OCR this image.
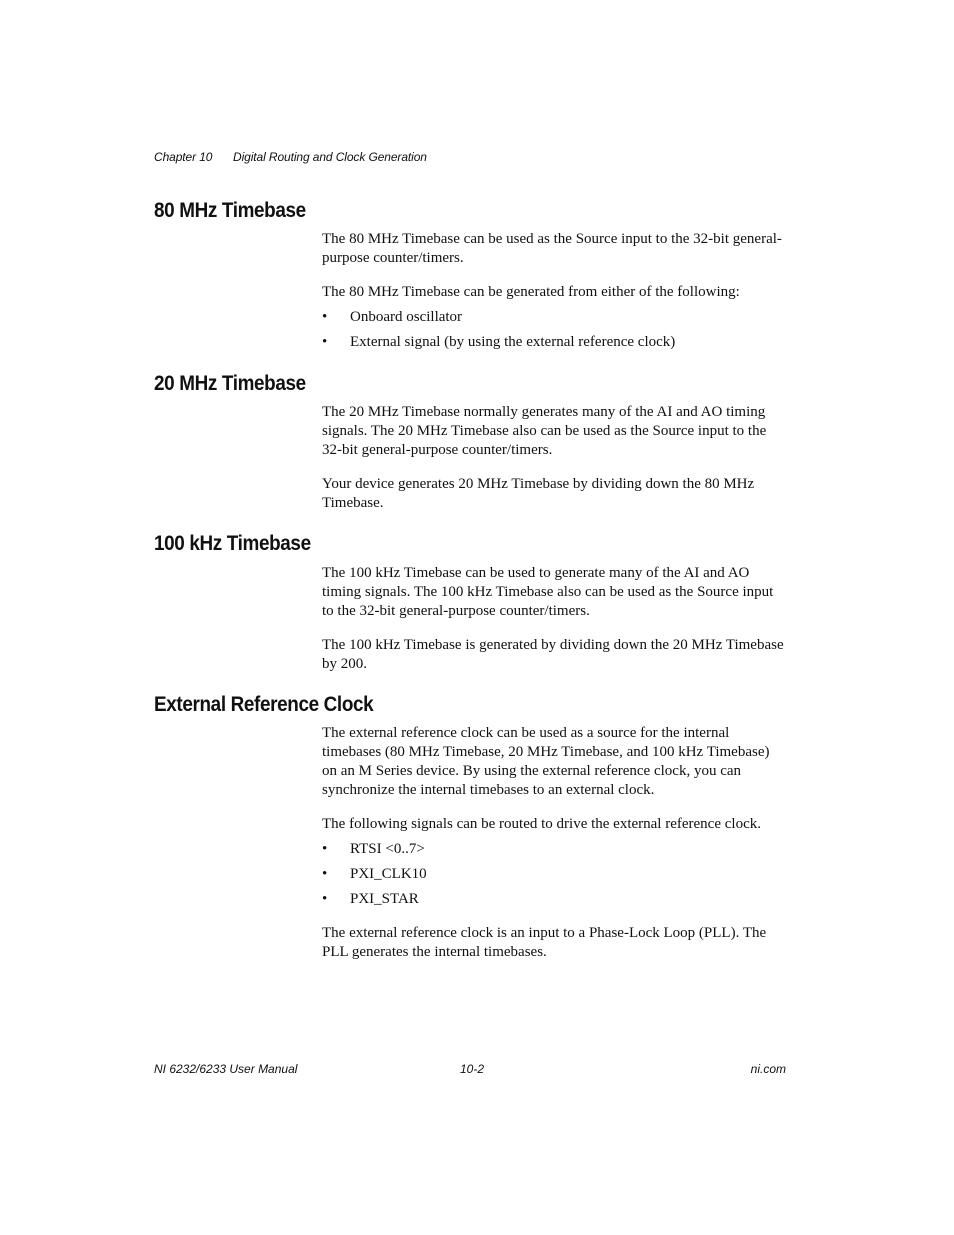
Chapter 10 Digital Routing and Clock Generation
80 MHz Timebase

The 80 MHz Timebase can be used as the Source input to the 32-bit general-purpose counter/timers.

The 80 MHz Timebase can be generated from either of the following:

• Onboard oscillator
• External signal (by using the external reference clock)
20 MHz Timebase

The 20 MHz Timebase normally generates many of the AI and AO timing signals. The 20 MHz Timebase also can be used as the Source input to the 32-bit general-purpose counter/timers.

Your device generates 20 MHz Timebase by dividing down the 80 MHz Timebase.

100 kHz Timebase

The 100 kHz Timebase can be used to generate many of the AI and AO timing signals. The 100 kHz Timebase also can be used as the Source input to the 32-bit general-purpose counter/timers.

The 100 kHz Timebase is generated by dividing down the 20 MHz Timebase by 200.

External Reference Clock

The external reference clock can be used as a source for the internal timebases (80 MHz Timebase, 20 MHz Timebase, and 100 kHz Timebase) on an M Series device. By using the external reference clock, you can synchronize the internal timebases to an external clock.

The following signals can be routed to drive the external reference clock.

• RTSI <0..7>
• PXI_CLK10
• PXI_STAR

The external reference clock is an input to a Phase-Lock Loop (PLL). The PLL generates the internal timebases.

NI 6232/6233 User Manual	10-2	ni.com
